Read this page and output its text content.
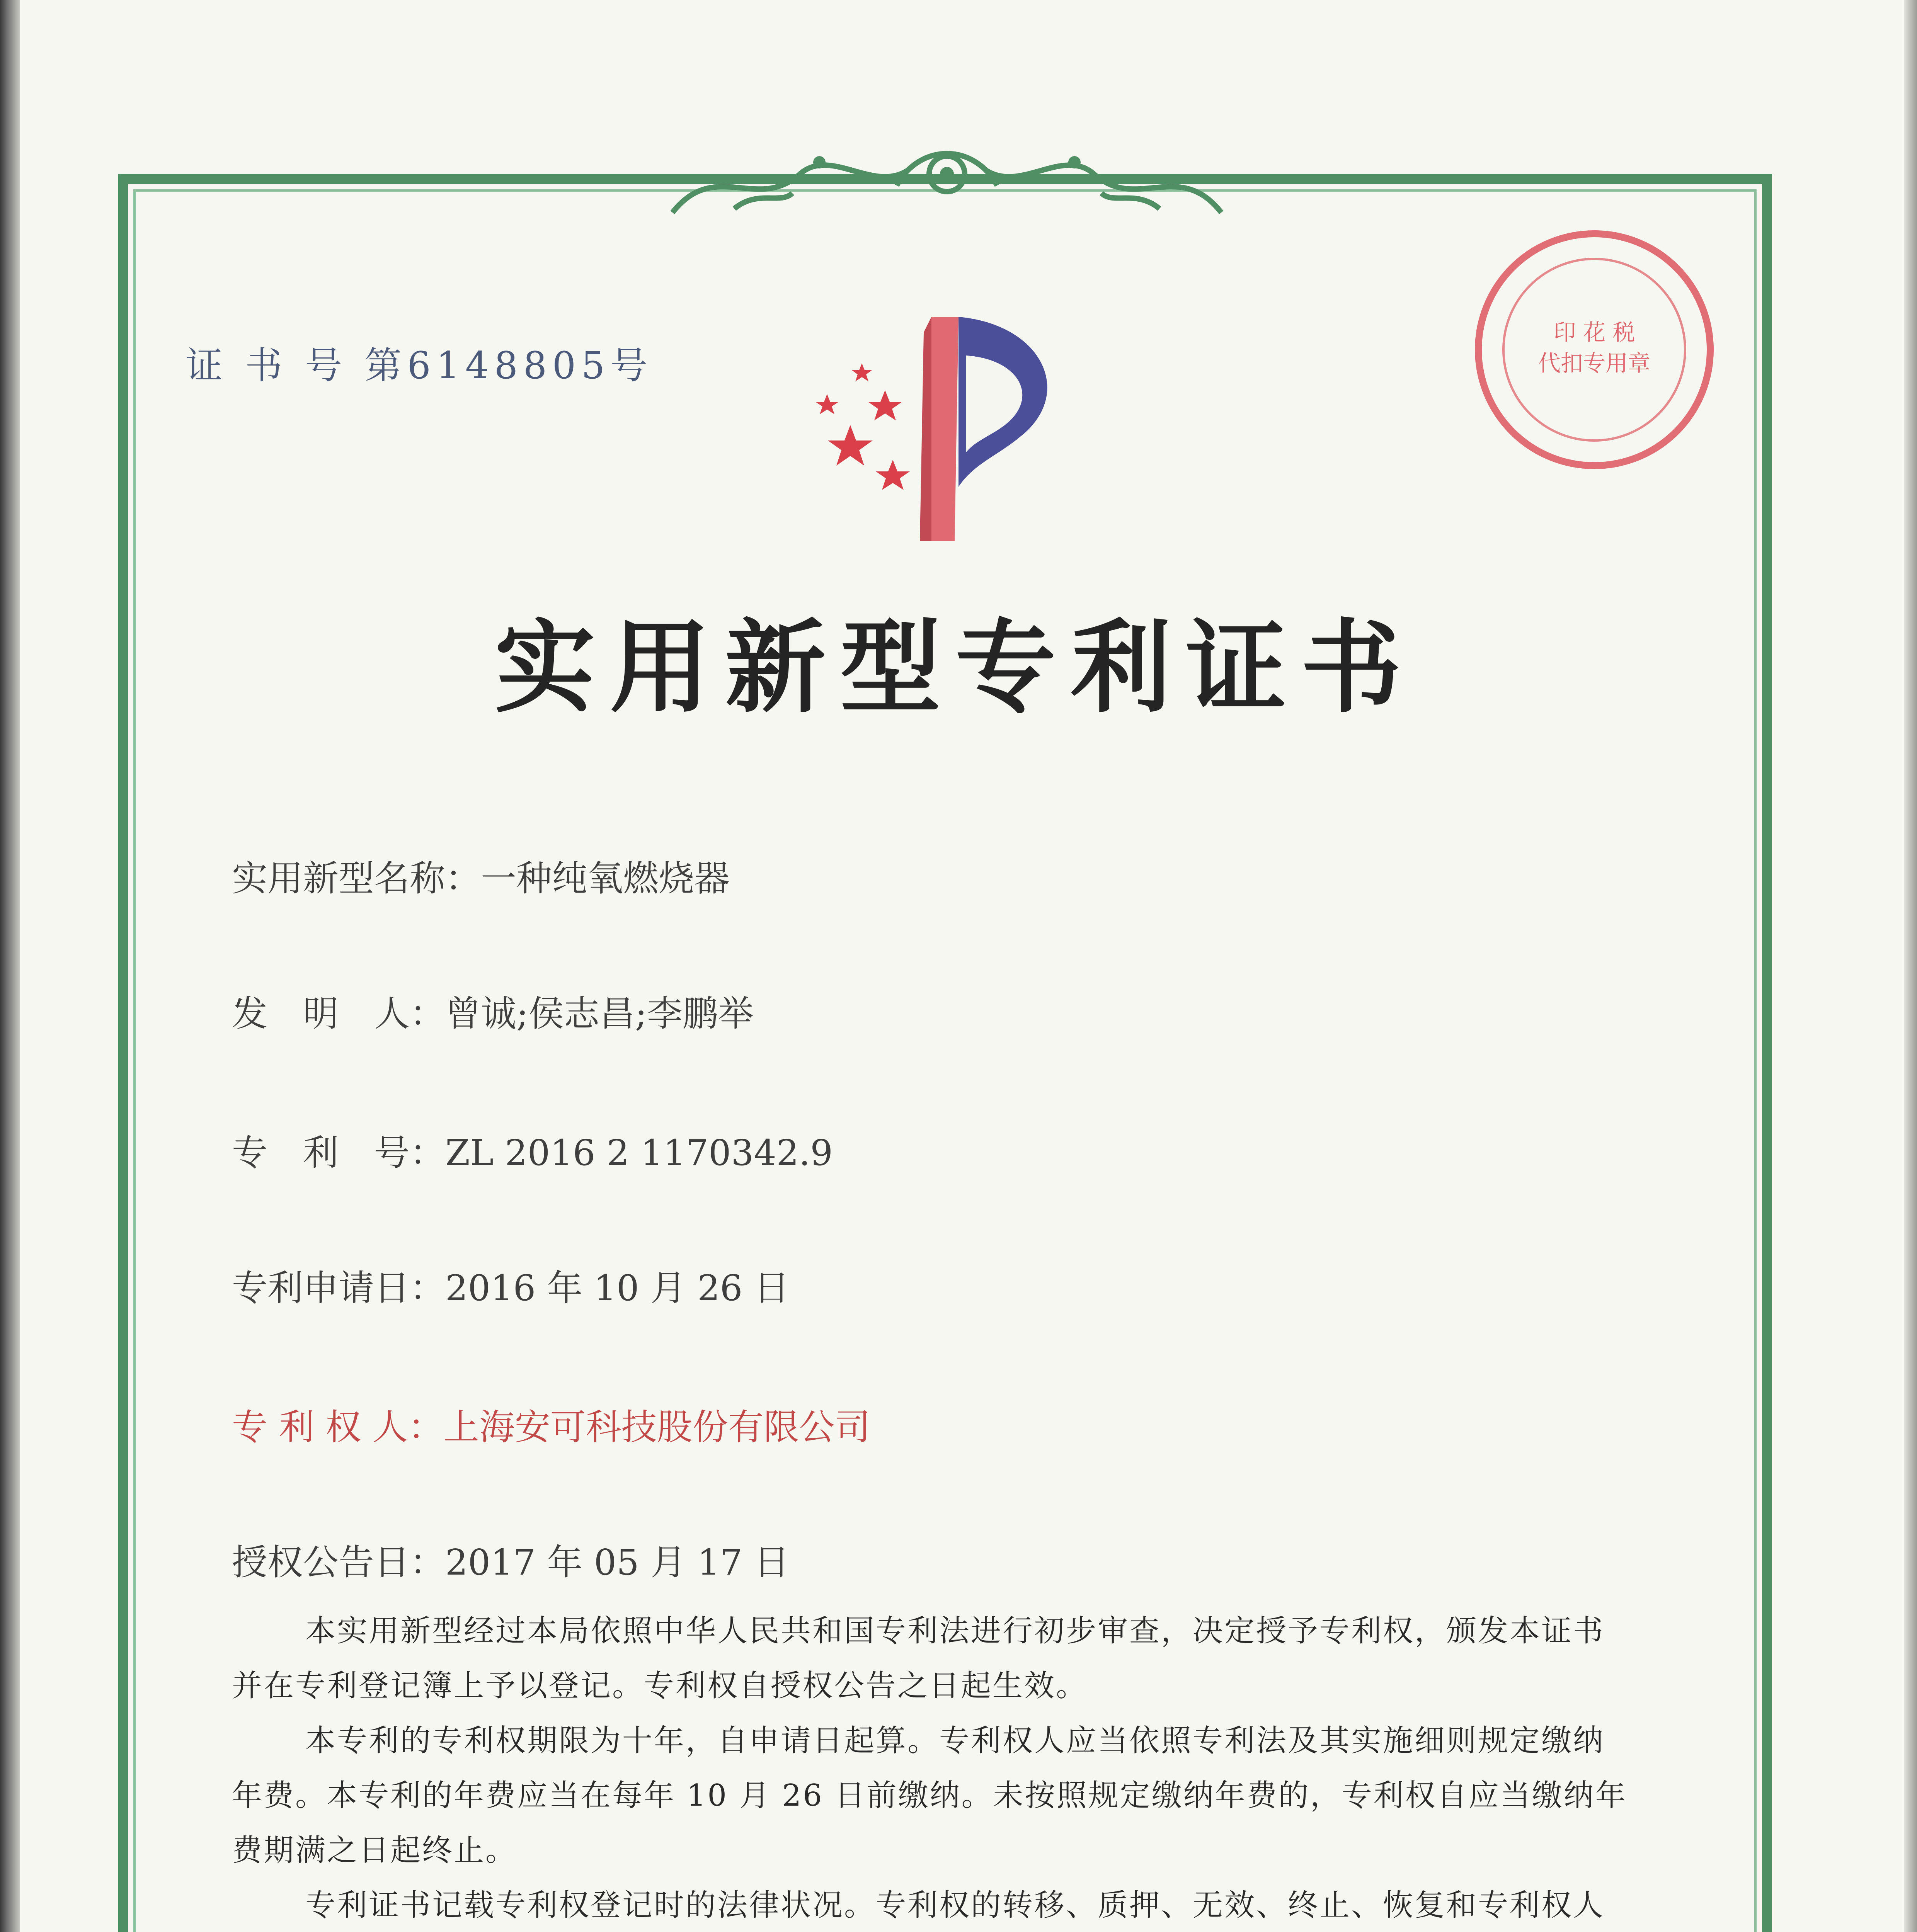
证 书 号 第6148805号
印 花 税
代扣专用章
实用新型专利证书
实用新型名称：一种纯氧燃烧器
发　明　人：曾诚;侯志昌;李鹏举
专　利　号：ZL 2016 2 1170342.9
专利申请日：2016 年 10 月 26 日
专 利 权 人：上海安可科技股份有限公司
授权公告日：2017 年 05 月 17 日

本实用新型经过本局依照中华人民共和国专利法进行初步审查，决定授予专利权，颁发本证书并在专利登记簿上予以登记。专利权自授权公告之日起生效。

本专利的专利权期限为十年，自申请日起算。专利权人应当依照专利法及其实施细则规定缴纳年费。本专利的年费应当在每年 10 月 26 日前缴纳。未按照规定缴纳年费的，专利权自应当缴纳年费期满之日起终止。

专利证书记载专利权登记时的法律状况。专利权的转移、质押、无效、终止、恢复和专利权人
